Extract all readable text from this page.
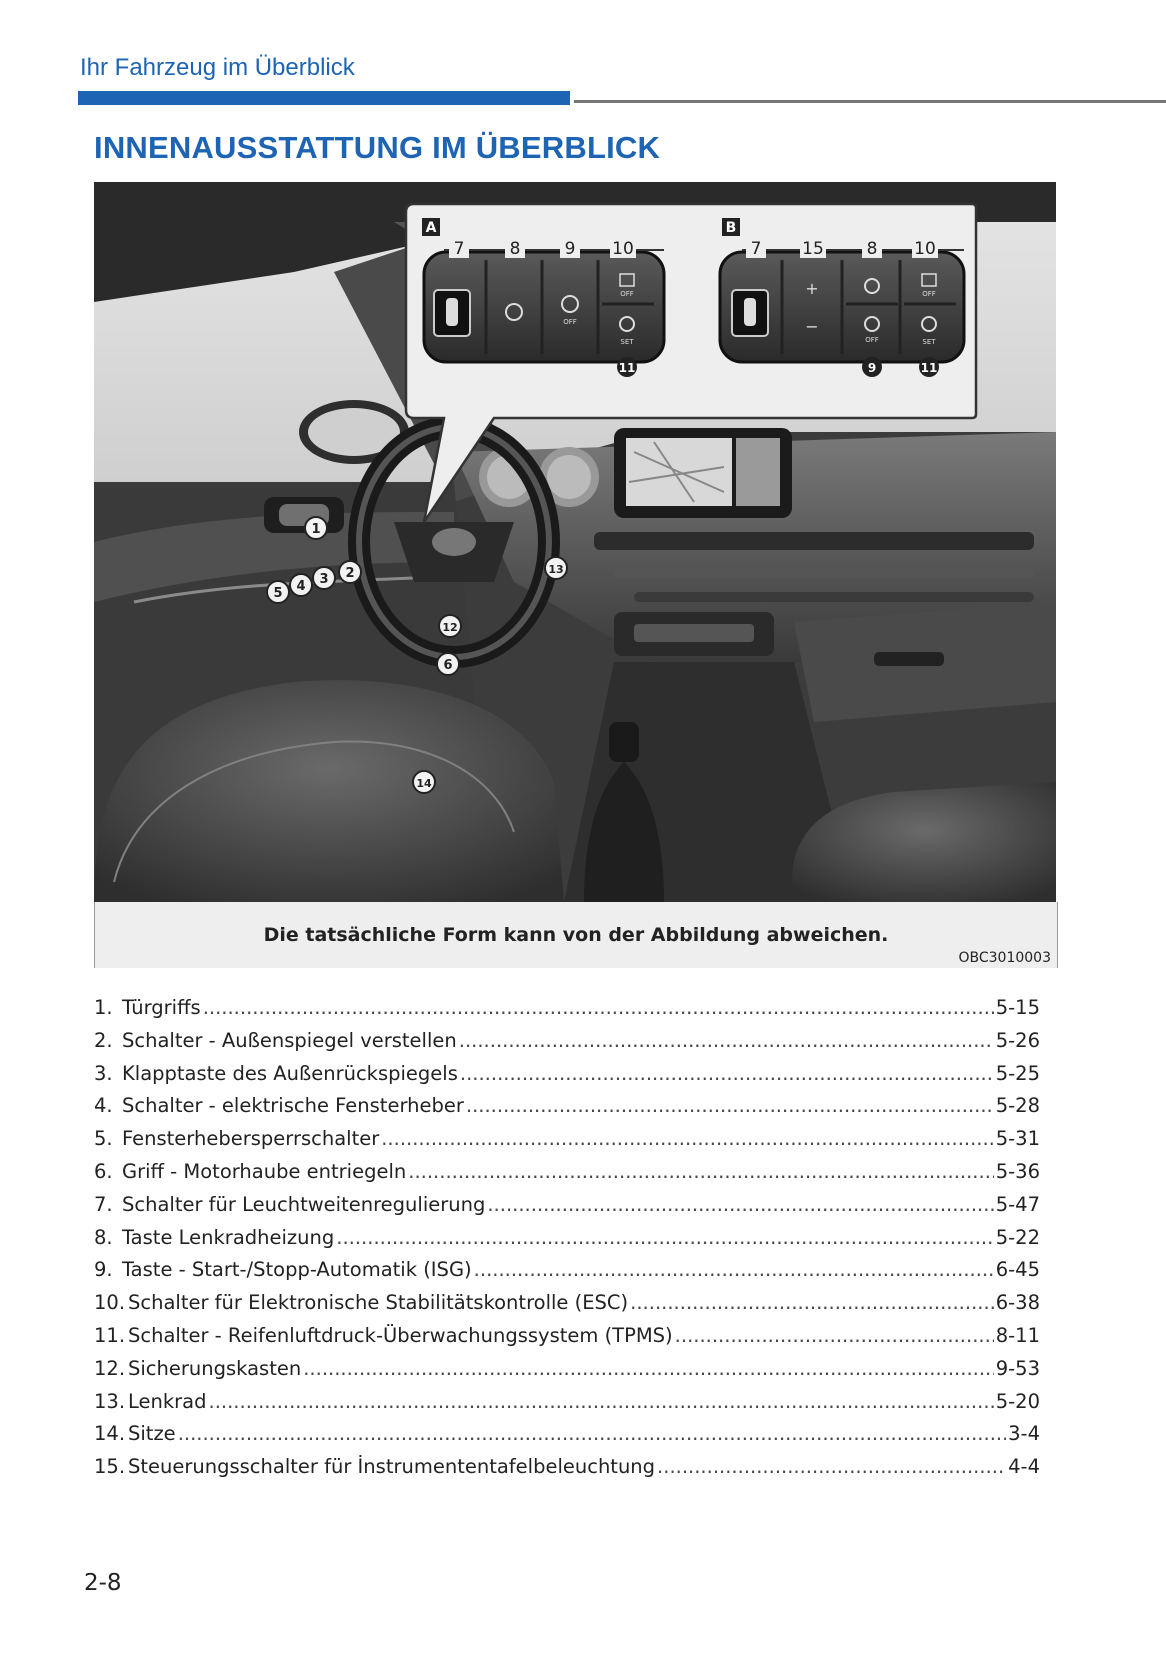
Ihr Fahrzeug im Überblick
INNENAUSSTATTUNG IM ÜBERBLICK
A
OFF
OFF
SET
7	8	9 10
11
B
+
−
OFF
OFF
SET
7 15	8 10
9	11
1
2
3
4
5
6
12
13
14
Die tatsächliche Form kann von der Abbildung abweichen.
OBC3010003
1. Türgriffs .....	5-15
2. Schalter - Außenspiegel verstellen .....	5-26
3. Klapptaste des Außenrückspiegels .....	5-25
4. Schalter - elektrische Fensterheber .....	5-28
5. Fensterhebersperrschalter .....	5-31
6. Griff - Motorhaube entriegeln .....	5-36
7. Schalter für Leuchtweitenregulierung .....	5-47
8. Taste Lenkradheizung .....	5-22
9. Taste - Start-/Stopp-Automatik (ISG) .....	6-45
10. Schalter für Elektronische Stabilitätskontrolle (ESC) .....	6-38
11. Schalter - Reifenluftdruck-Überwachungssystem (TPMS) .....	8-11
12. Sicherungskasten .....	9-53
13. Lenkrad .....	5-20
14. Sitze .....	3-4
15. Steuerungsschalter für İnstrumententafelbeleuchtung .....	4-4
2-8
